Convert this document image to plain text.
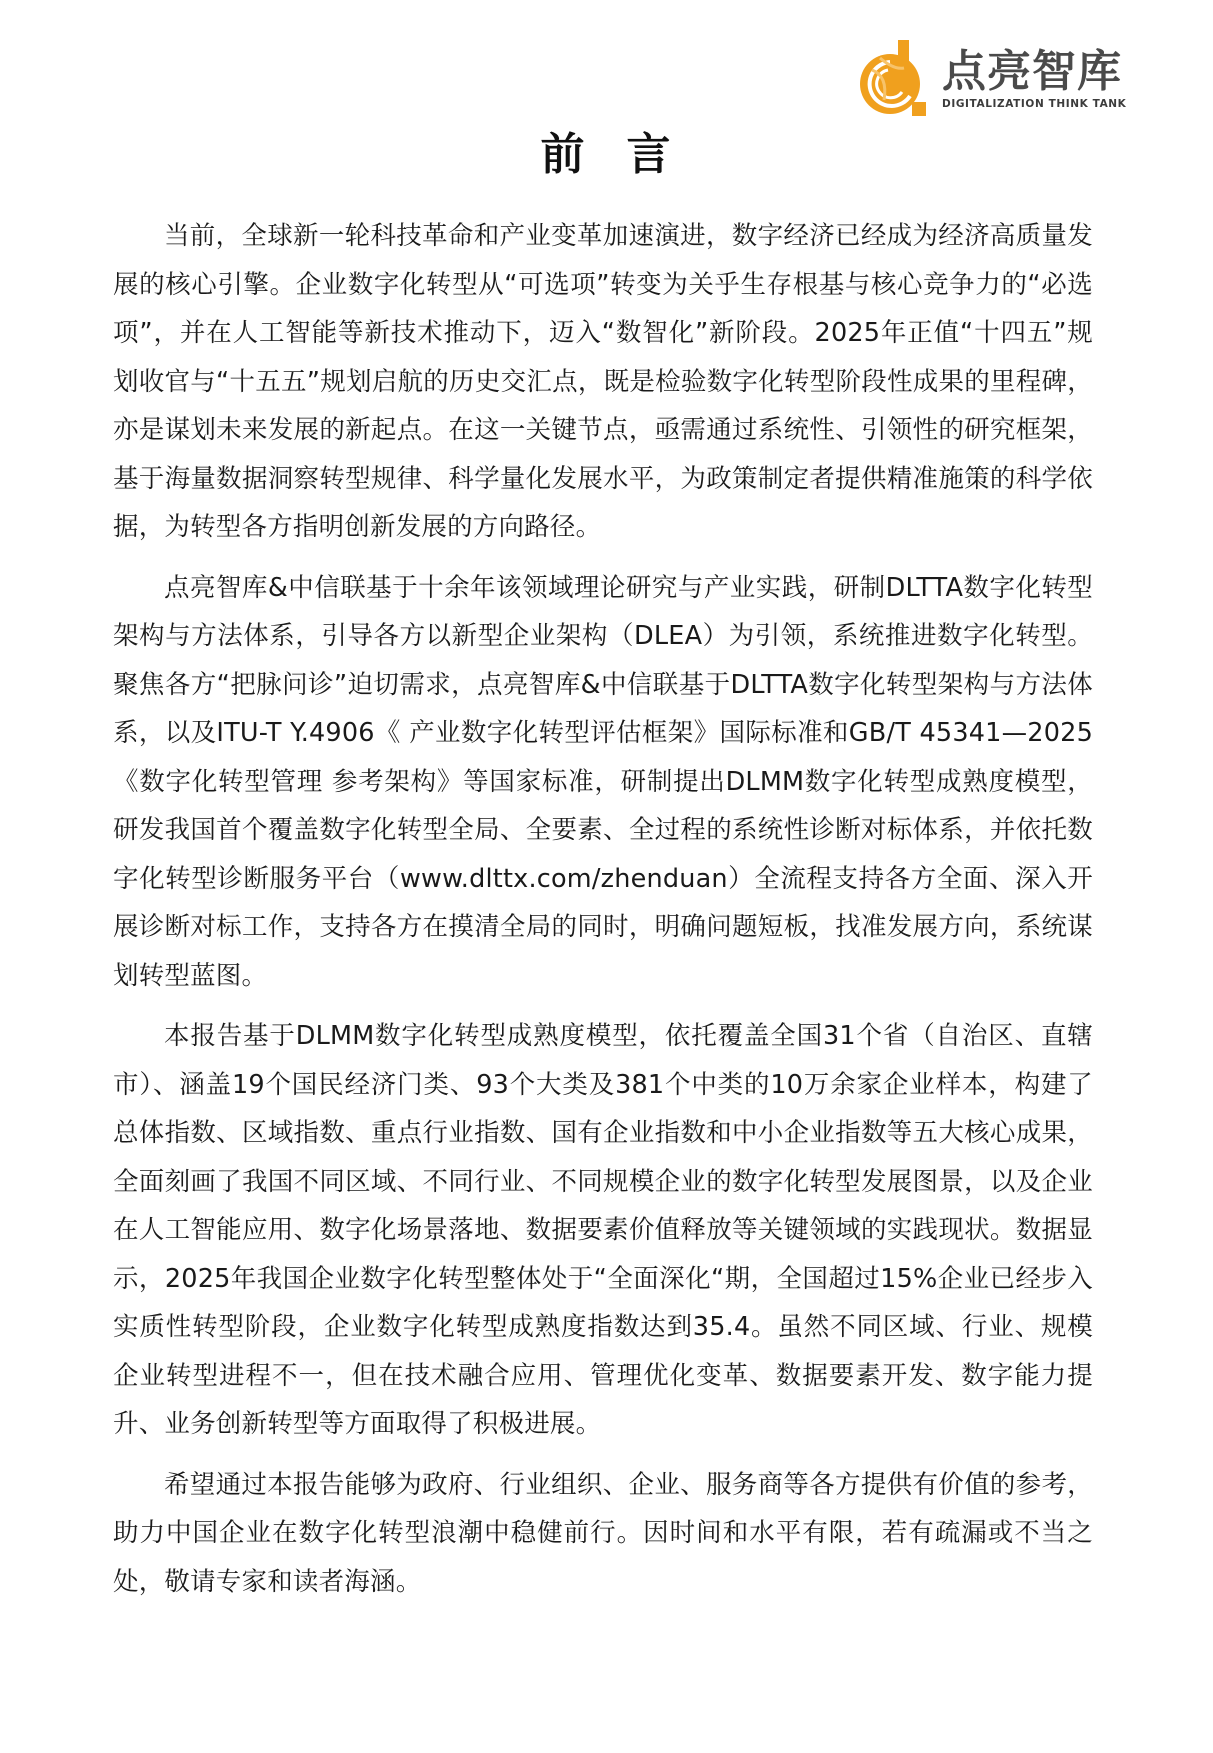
点亮智库
DIGITALIZATION THINK TANK
前 言

当前，全球新一轮科技革命和产业变革加速演进，数字经济已经成为经济高质量发展的核心引擎。企业数字化转型从“可选项”转变为关乎生存根基与核心竞争力的“必选项”，并在人工智能等新技术推动下，迈入“数智化”新阶段。2025年正值“十四五”规划收官与“十五五”规划启航的历史交汇点，既是检验数字化转型阶段性成果的里程碑，亦是谋划未来发展的新起点。在这一关键节点，亟需通过系统性、引领性的研究框架，基于海量数据洞察转型规律、科学量化发展水平，为政策制定者提供精准施策的科学依据，为转型各方指明创新发展的方向路径。

点亮智库&中信联基于十余年该领域理论研究与产业实践，研制DLTTA数字化转型架构与方法体系，引导各方以新型企业架构（DLEA）为引领，系统推进数字化转型。聚焦各方“把脉问诊”迫切需求，点亮智库&中信联基于DLTTA数字化转型架构与方法体系，以及ITU-T Y.4906《 产业数字化转型评估框架》国际标准和GB/T 45341—2025《数字化转型管理 参考架构》等国家标准，研制提出DLMM数字化转型成熟度模型，研发我国首个覆盖数字化转型全局、全要素、全过程的系统性诊断对标体系，并依托数字化转型诊断服务平台（www.dlttx.com/zhenduan）全流程支持各方全面、深入开展诊断对标工作，支持各方在摸清全局的同时，明确问题短板，找准发展方向，系统谋划转型蓝图。

本报告基于DLMM数字化转型成熟度模型，依托覆盖全国31个省（自治区、直辖市）、涵盖19个国民经济门类、93个大类及381个中类的10万余家企业样本，构建了总体指数、区域指数、重点行业指数、国有企业指数和中小企业指数等五大核心成果，全面刻画了我国不同区域、不同行业、不同规模企业的数字化转型发展图景，以及企业在人工智能应用、数字化场景落地、数据要素价值释放等关键领域的实践现状。数据显示，2025年我国企业数字化转型整体处于“全面深化“期，全国超过15%企业已经步入实质性转型阶段，企业数字化转型成熟度指数达到35.4。虽然不同区域、行业、规模企业转型进程不一，但在技术融合应用、管理优化变革、数据要素开发、数字能力提升、业务创新转型等方面取得了积极进展。

希望通过本报告能够为政府、行业组织、企业、服务商等各方提供有价值的参考，助力中国企业在数字化转型浪潮中稳健前行。因时间和水平有限，若有疏漏或不当之处，敬请专家和读者海涵。
